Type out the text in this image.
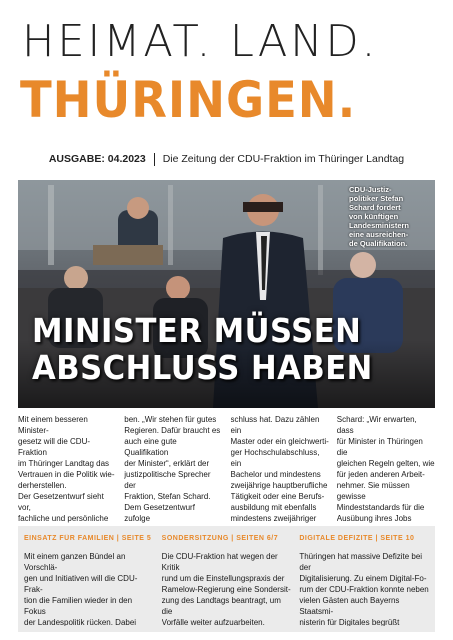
HEIMAT. LAND.
THÜRINGEN.
AUSGABE: 04.2023 Die Zeitung der CDU-Fraktion im Thüringer Landtag
CDU-Justiz-
politiker Stefan
Schard fordert
von künftigen
Landesministern
eine ausreichen-
de Qualifikation.
MINISTER MÜSSEN
ABSCHLUSS HABEN

Mit einem besseren Minister-
gesetz will die CDU-Fraktion
im Thüringer Landtag das
Vertrauen in die Politik wie-
derherstellen.
Der Gesetzentwurf sieht vor,
fachliche und persönliche

ben. „Wir stehen für gutes
Regieren. Dafür braucht es
auch eine gute Qualifikation
der Minister“, erklärt der
justizpolitische Sprecher der
Fraktion, Stefan Schard.
Dem Gesetzentwurf zufolge

schluss hat. Dazu zählen ein
Master oder ein gleichwerti-
ger Hochschulabschluss, ein
Bachelor und mindestens
zweijährige hauptberufliche
Tätigkeit oder eine Berufs-
ausbildung mit ebenfalls
mindestens zweijähriger

Schard: „Wir erwarten, dass
für Minister in Thüringen die
gleichen Regeln gelten, wie
für jeden anderen Arbeit-
nehmer. Sie müssen gewisse
Mindeststandards für die
Ausübung ihres Jobs

EINSATZ FÜR FAMILIEN | SEITE 5
Mit einem ganzen Bündel an Vorschlä-
gen und Initiativen will die CDU-Frak-
tion die Familien wieder in den Fokus
der Landespolitik rücken. Dabei

SONDERSITZUNG | SEITEN 6/7
Die CDU-Fraktion hat wegen der Kritik
rund um die Einstellungspraxis der
Ramelow-Regierung eine Sondersit-
zung des Landtags beantragt, um die
Vorfälle weiter aufzuarbeiten.
DIGITALE DEFIZITE | SEITE 10
Thüringen hat massive Defizite bei der
Digitalisierung. Zu einem Digital-Fo-
rum der CDU-Fraktion konnte neben
vielen Gästen auch Bayerns Staatsmi-
nisterin für Digitales begrüßt
